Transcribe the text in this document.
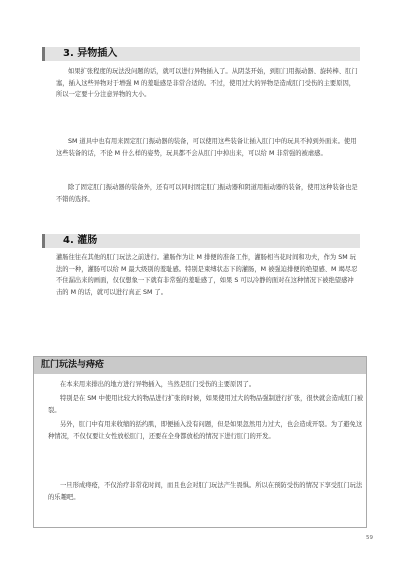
3. 异物插入

如果扩张程度的玩法没问题的话，就可以进行异物插入了。从阴茎开始，到肛门用振动器、旋转棒、肛门塞，插入这些异物对于增强 M 的羞耻感是非常合适的。不过，使用过大的异物是造成肛门受伤的主要原因，所以一定要十分注意异物的大小。

SM 道具中也有用来固定肛门振动器的装备，可以使用这些装备让插入肛门中的玩具不掉到外面来。使用这些装备的话，不论 M 什么样的姿势，玩具都不会从肛门中掉出来，可以给 M 非常强的被虐感。

除了固定肛门振动器的装备外，还有可以同时固定肛门振动器和阴道用振动器的装备，使用这种装备也是不错的选择。

4. 灌肠

灌肠往往在其他的肛门玩法之前进行。灌肠作为让 M 排便的准备工作，灌肠相当花时间和功夫，作为 SM 玩法的一种，灌肠可以给 M 最大级别的羞耻感。特别是束缚状态下的灌肠，M 被强迫排便的绝望感、M 竭尽忍不住漏出来的画面，仅仅想象一下就有非常强的羞耻感了，如果 S 可以冷静的面对在这种情况下被绝望感冲击的 M 的话，就可以进行真正 SM 了。

肛门玩法与痔疮

在本来用来排出的地方进行异物插入，当然是肛门受伤的主要原因了。

特别是在 SM 中使用比较大的物品进行扩张的时候，如果使用过大的物品强制进行扩张，很快就会造成肛门被裂。

另外，肛门中有用来收缩的括约肌，即便插入没有问题，但是如果忽然用力过大，也会造成开裂。为了避免这种情况，不仅仅要让女性放松肛门，还要在全身都放松的情况下进行肛门的开发。

一旦形成痔疮，不仅治疗非常花时间，而且也会对肛门玩法产生畏惧。所以在预防受伤的情况下享受肛门玩法的乐趣吧。

59
